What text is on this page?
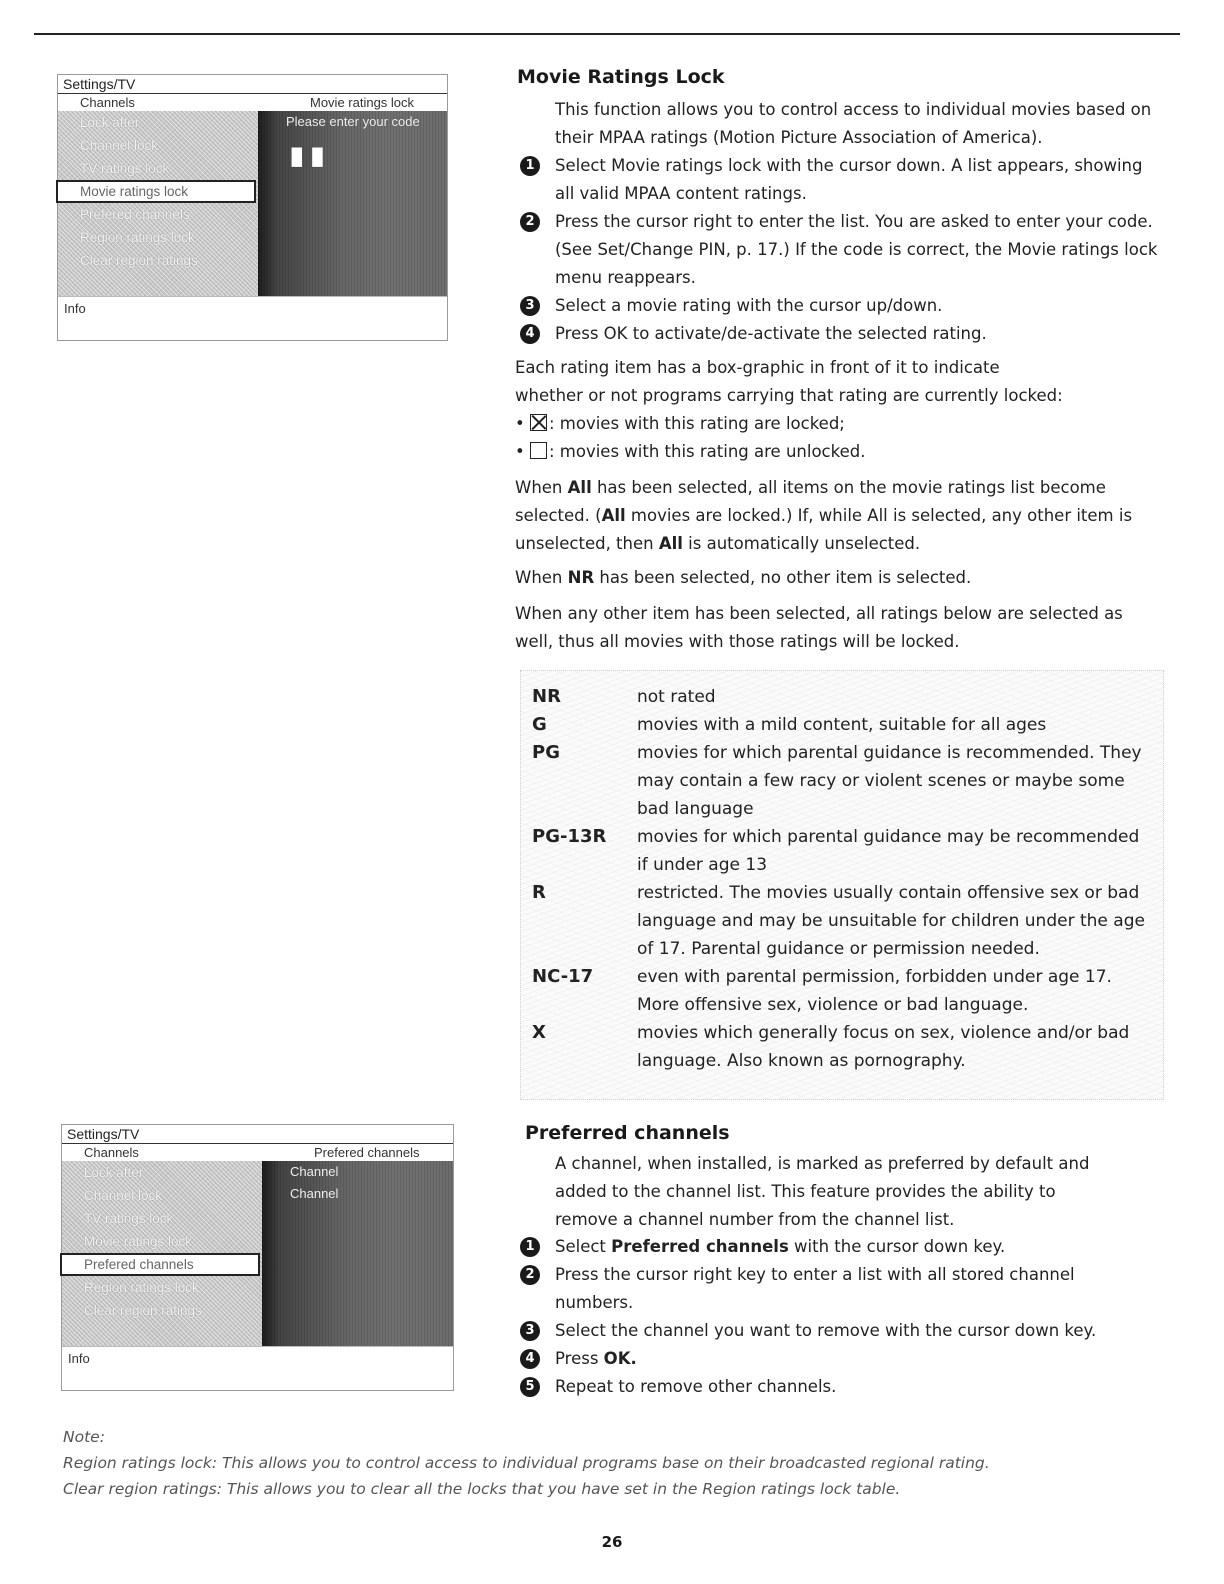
Settings/TV
Channels	Movie ratings lock
Lock after
Channel lock
TV ratings lock
Movie ratings lock
Prefered channels
Region ratings lock
Clear region ratings
Please enter your code
▐▌▐▌
Info
Movie Ratings Lock
This function allows you to control access to individual movies based on their MPAA ratings (Motion Picture Association of America).
1	Select Movie ratings lock with the cursor down. A list appears, showing all valid MPAA content ratings.
2	Press the cursor right to enter the list. You are asked to enter your code. (See Set/Change PIN, p. 17.) If the code is correct, the Movie ratings lock menu reappears.
3	Select a movie rating with the cursor up/down.
4	Press OK to activate/de-activate the selected rating.
Each rating item has a box-graphic in front of it to indicate
whether or not programs carrying that rating are currently locked:
• : movies with this rating are locked;
• : movies with this rating are unlocked.
When All has been selected, all items on the movie ratings list become selected. (All movies are locked.) If, while All is selected, any other item is unselected, then All is automatically unselected.
When NR has been selected, no other item is selected.
When any other item has been selected, all ratings below are selected as well, thus all movies with those ratings will be locked.
NR	not rated
G	movies with a mild content, suitable for all ages
PG	movies for which parental guidance is recommended. They may contain a few racy or violent scenes or maybe some bad language
PG-13R movies for which parental guidance may be recommended if under age 13
R	restricted. The movies usually contain offensive sex or bad language and may be unsuitable for children under the age of 17. Parental guidance or permission needed.
NC-17	even with parental permission, forbidden under age 17. More offensive sex, violence or bad language.
X	movies which generally focus on sex, violence and/or bad language. Also known as pornography.
Settings/TV
Channels	Prefered channels
Lock after
Channel lock
TV ratings lock
Movie ratings lock
Prefered channels
Region ratings lock
Clear region ratings
Channel
Channel
Info
Preferred channels
A channel, when installed, is marked as preferred by default and added to the channel list. This feature provides the ability to remove a channel number from the channel list.
1	Select Preferred channels with the cursor down key.
2	Press the cursor right key to enter a list with all stored channel numbers.
3	Select the channel you want to remove with the cursor down key.
4	Press OK.
5	Repeat to remove other channels.
Note:
Region ratings lock: This allows you to control access to individual programs base on their broadcasted regional rating.
Clear region ratings: This allows you to clear all the locks that you have set in the Region ratings lock table.
26
